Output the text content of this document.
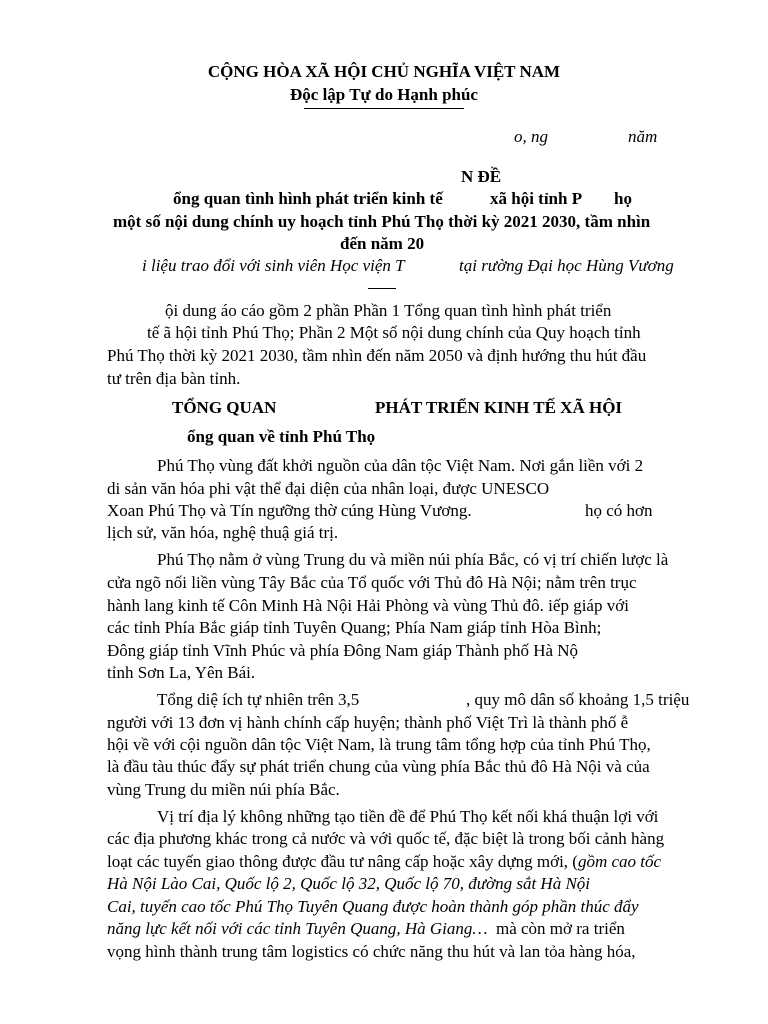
CỘNG HÒA XÃ HỘI CHỦ NGHĨA VIỆT NAM
Độc lập Tự do Hạnh phúc
o, ng	năm
N ĐỀ
ổng quan tình hình phát triển kinh tế	xã hội tỉnh P họ
một số nội dung chính uy hoạch tỉnh Phú Thọ thời kỳ 2021 2030, tầm nhìn
đến năm 20
i liệu trao đổi với sinh viên Học viện T	tại rường Đại học Hùng Vương
ội dung áo cáo gồm 2 phần Phần 1 Tổng quan tình hình phát triển
tế ã hội tỉnh Phú Thọ; Phần 2 Một số nội dung chính của Quy hoạch tỉnh
Phú Thọ thời kỳ 2021 2030, tầm nhìn đến năm 2050 và định hướng thu hút đầu
tư trên địa bàn tỉnh.
TỔNG QUAN	PHÁT TRIỂN KINH TẾ XÃ HỘI
ổng quan về tỉnh Phú Thọ
Phú Thọ vùng đất khởi nguồn của dân tộc Việt Nam. Nơi gắn liền với 2
di sản văn hóa phi vật thể đại diện của nhân loại, được UNESCO
Xoan Phú Thọ và Tín ngưỡng thờ cúng Hùng Vương.	họ có hơn
lịch sử, văn hóa, nghệ thuậ giá trị.
Phú Thọ nằm ở vùng Trung du và miền núi phía Bắc, có vị trí chiến lược là
cửa ngõ nối liền vùng Tây Bắc của Tổ quốc với Thủ đô Hà Nội; nằm trên trục
hành lang kinh tế Côn Minh Hà Nội Hải Phòng và vùng Thủ đô. iếp giáp với
các tỉnh Phía Bắc giáp tỉnh Tuyên Quang; Phía Nam giáp tỉnh Hòa Bình;
Đông giáp tỉnh Vĩnh Phúc và phía Đông Nam giáp Thành phố Hà Nộ
tỉnh Sơn La, Yên Bái.
Tổng diệ ích tự nhiên trên 3,5	, quy mô dân số khoảng 1,5 triệu
người với 13 đơn vị hành chính cấp huyện; thành phố Việt Trì là thành phố ễ
hội về với cội nguồn dân tộc Việt Nam, là trung tâm tổng hợp của tỉnh Phú Thọ,
là đầu tàu thúc đẩy sự phát triển chung của vùng phía Bắc thủ đô Hà Nội và của
vùng Trung du miền núi phía Bắc.
Vị trí địa lý không những tạo tiền đề để Phú Thọ kết nối khá thuận lợi với
các địa phương khác trong cả nước và với quốc tế, đặc biệt là trong bối cảnh hàng
loạt các tuyến giao thông được đầu tư nâng cấp hoặc xây dựng mới, (gồm cao tốc
Hà Nội Lào Cai, Quốc lộ 2, Quốc lộ 32, Quốc lộ 70, đường sắt Hà Nội
Cai, tuyến cao tốc Phú Thọ Tuyên Quang được hoàn thành góp phần thúc đẩy
năng lực kết nối với các tỉnh Tuyên Quang, Hà Giang… mà còn mở ra triển
vọng hình thành trung tâm logistics có chức năng thu hút và lan tỏa hàng hóa,
